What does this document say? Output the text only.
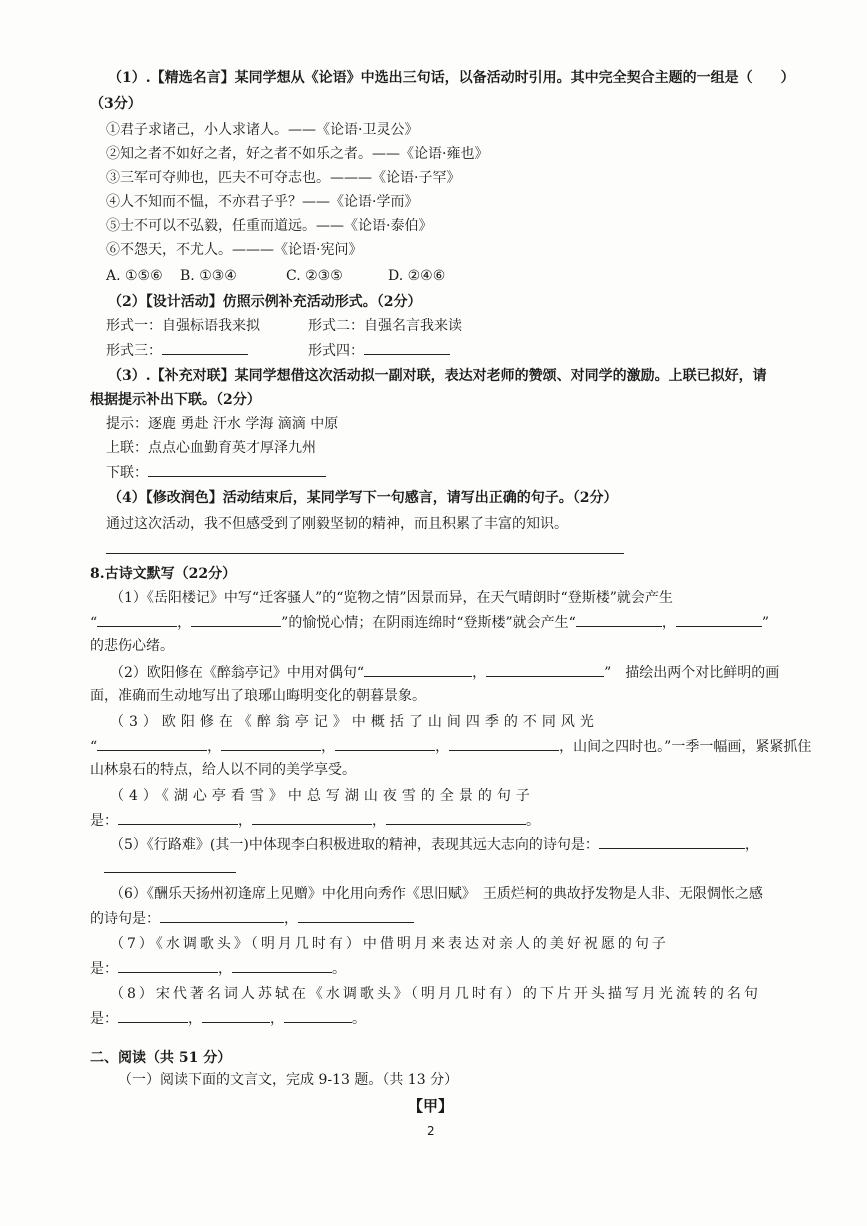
（1）.【精选名言】某同学想从《论语》中选出三句话，以备活动时引用。其中完全契合主题的一组是（　　）
（3分）
①君子求诸己，小人求诸人。——《论语·卫灵公》
②知之者不如好之者，好之者不如乐之者。——《论语·雍也》
③三军可夺帅也，匹夫不可夺志也。———《论语·子罕》
④人不知而不愠，不亦君子乎？——《论语·学而》
⑤士不可以不弘毅，任重而道远。——《论语·泰伯》
⑥不怨天，不尤人。———《论语·宪问》
A. ①⑤⑥ B. ①③④	C. ②③⑤	D. ②④⑥
（2）【设计活动】仿照示例补充活动形式。（2分）
形式一：自强标语我来拟	形式二：自强名言我来读
形式三：	形式四：
（3）.【补充对联】某同学想借这次活动拟一副对联，表达对老师的赞颂、对同学的激励。上联已拟好，请
根据提示补出下联。（2分）
提示：逐鹿 勇赴 汗水 学海 滴滴 中原
上联：点点心血勤育英才厚泽九州
下联：
（4）【修改润色】活动结束后，某同学写下一句感言，请写出正确的句子。（2分）
通过这次活动，我不但感受到了刚毅坚韧的精神，而且积累了丰富的知识。
8.古诗文默写（22分）
（1）《岳阳楼记》中写“迁客骚人”的“览物之情”因景而异，在天气晴朗时“登斯楼”就会产生
“	，	”的愉悦心情；在阴雨连绵时“登斯楼”就会产生“	，	”
的悲伤心绪。
（2）欧阳修在《醉翁亭记》中用对偶句“	，	”　描绘出两个对比鲜明的画
面，准确而生动地写出了琅琊山晦明变化的朝暮景象。
（3）欧阳修在《醉翁亭记》中概括了山间四季的不同风光
“	，	，	，	，山间之四时也。”一季一幅画，紧紧抓住
山林泉石的特点，给人以不同的美学享受。
（4）《湖心亭看雪》中总写湖山夜雪的全景的句子
是：	，	，	。
（5）《行路难》(其一)中体现李白积极进取的精神，表现其远大志向的诗句是：	，
（6）《酬乐天扬州初逢席上见赠》中化用向秀作《思旧赋》　王质烂柯的典故抒发物是人非、无限惆怅之感
的诗句是：	，
（7）《水调歌头》（明月几时有）中借明月来表达对亲人的美好祝愿的句子
是：	，	。
（8）宋代著名词人苏轼在《水调歌头》（明月几时有）的下片开头描写月光流转的名句
是：	，	，	。
二、阅读（共 51 分）
（一）阅读下面的文言文，完成 9-13 题。（共 13 分）
【甲】
2
